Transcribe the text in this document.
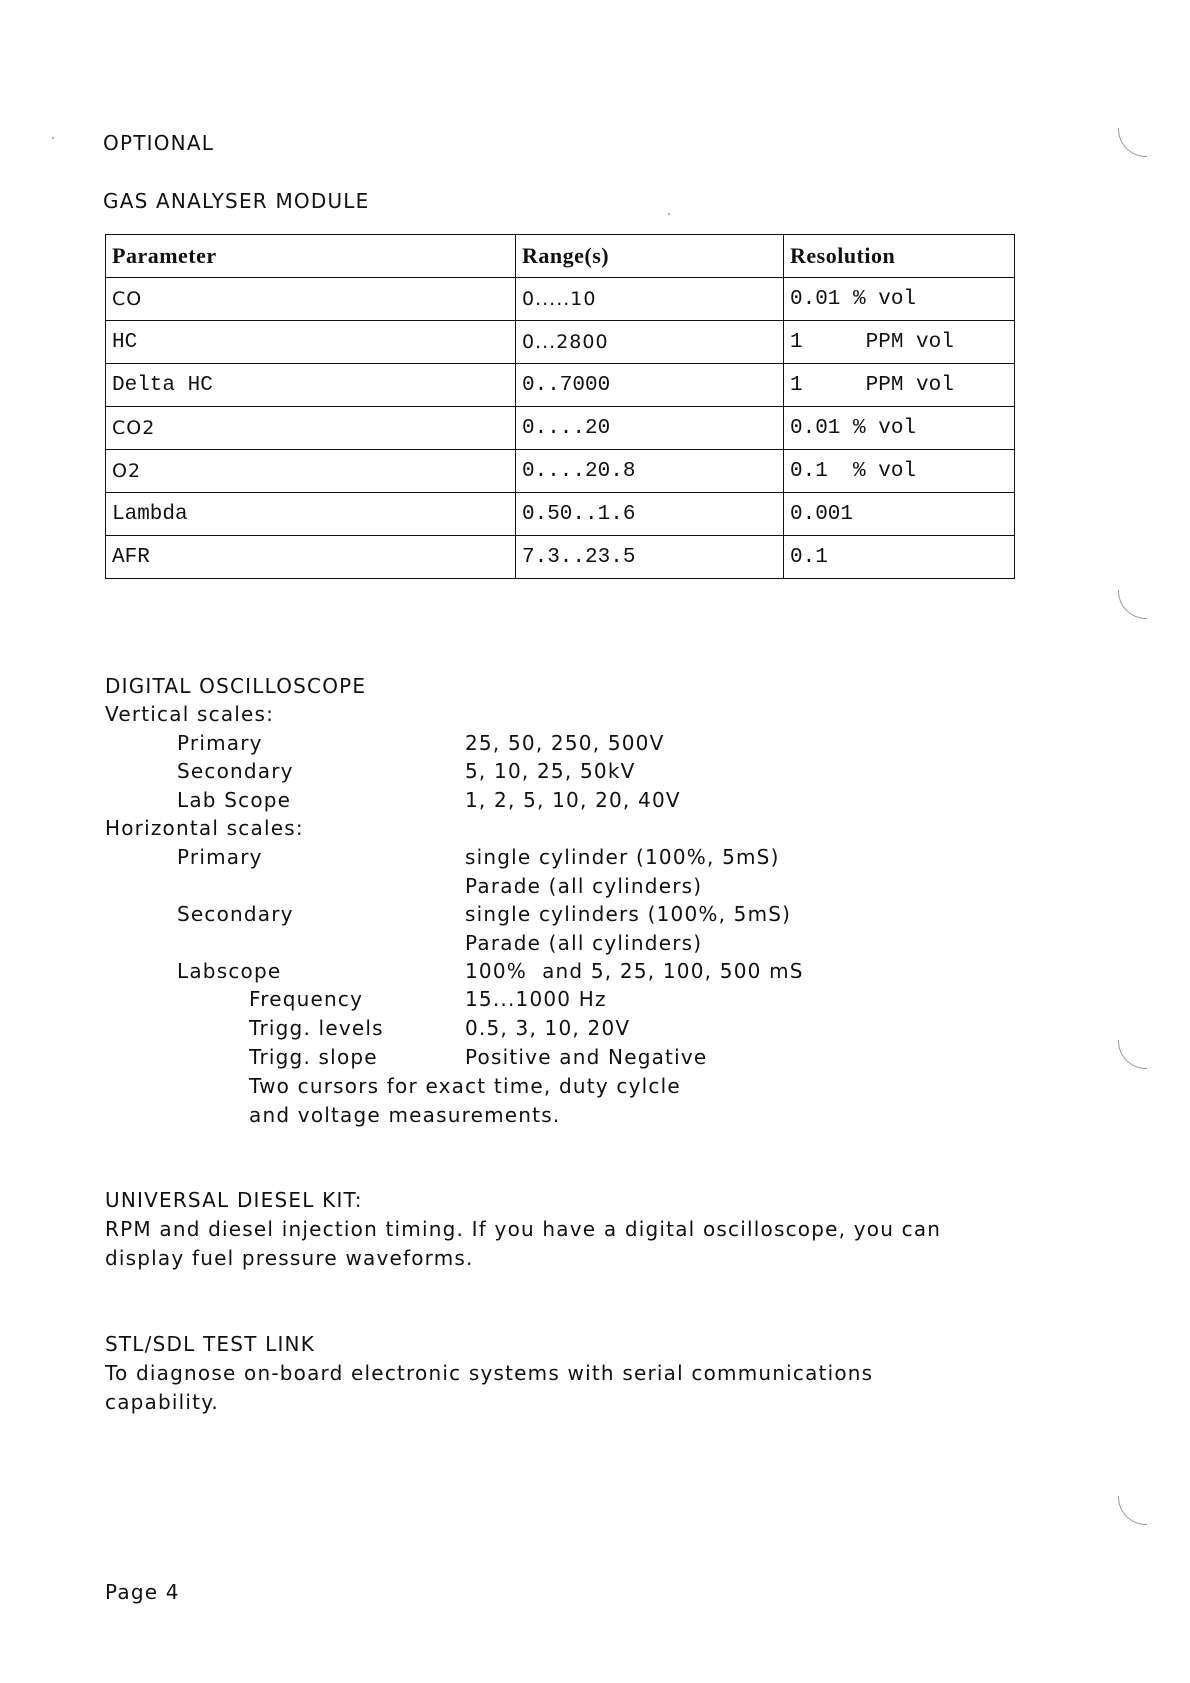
OPTIONAL
GAS ANALYSER MODULE
Parameter	Range(s)	Resolution
CO	0.....10	0.01 % vol
HC	0...2800	1     PPM vol
Delta HC	0..7000	1     PPM vol
CO2	0....20	0.01 % vol
O2	0....20.8	0.1  % vol
Lambda	0.50..1.6	0.001
AFR	7.3..23.5	0.1
DIGITAL OSCILLOSCOPE
Vertical scales:
Primary	25, 50, 250, 500V
Secondary	5, 10, 25, 50kV
Lab Scope	1, 2, 5, 10, 20, 40V
Horizontal scales:
Primary	single cylinder (100%, 5mS)
Parade (all cylinders)
Secondary	single cylinders (100%, 5mS)
Parade (all cylinders)
Labscope	100%  and 5, 25, 100, 500 mS
Frequency	15...1000 Hz
Trigg. levels	0.5, 3, 10, 20V
Trigg. slope	Positive and Negative
Two cursors for exact time, duty cylcle
and voltage measurements.
UNIVERSAL DIESEL KIT:
RPM and diesel injection timing. If you have a digital oscilloscope, you can
display fuel pressure waveforms.
STL/SDL TEST LINK
To diagnose on-board electronic systems with serial communications
capability.
Page 4
